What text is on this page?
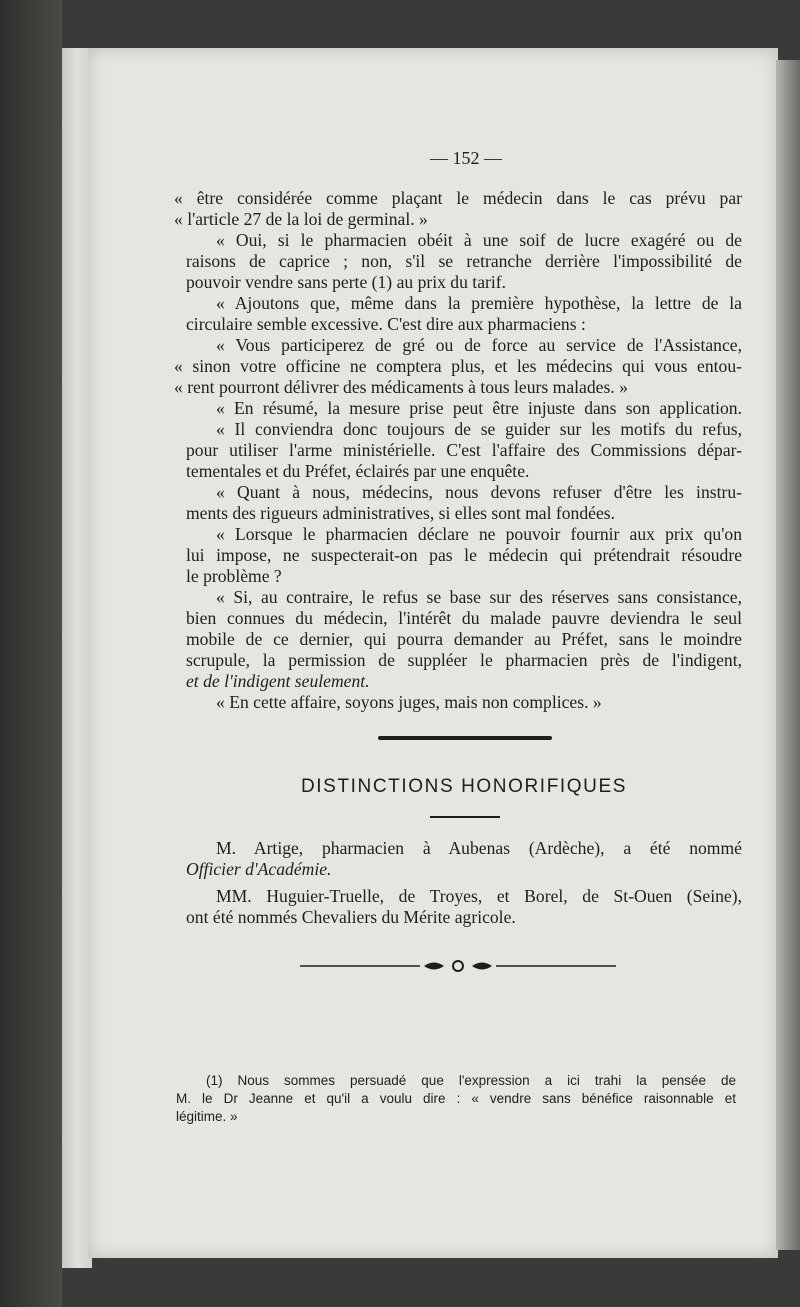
— 152 —
« être considérée comme plaçant le médecin dans le cas prévu par
« l'article 27 de la loi de germinal. »
« Oui, si le pharmacien obéit à une soif de lucre exagéré ou de
raisons de caprice ; non, s'il se retranche derrière l'impossibilité de
pouvoir vendre sans perte (1) au prix du tarif.
« Ajoutons que, même dans la première hypothèse, la lettre de la
circulaire semble excessive. C'est dire aux pharmaciens :
« Vous participerez de gré ou de force au service de l'Assistance,
« sinon votre officine ne comptera plus, et les médecins qui vous entou-
« rent pourront délivrer des médicaments à tous leurs malades. »
« En résumé, la mesure prise peut être injuste dans son application.
« Il conviendra donc toujours de se guider sur les motifs du refus,
pour utiliser l'arme ministérielle. C'est l'affaire des Commissions dépar-
tementales et du Préfet, éclairés par une enquête.
« Quant à nous, médecins, nous devons refuser d'être les instru-
ments des rigueurs administratives, si elles sont mal fondées.
« Lorsque le pharmacien déclare ne pouvoir fournir aux prix qu'on
lui impose, ne suspecterait-on pas le médecin qui prétendrait résoudre
le problème ?
« Si, au contraire, le refus se base sur des réserves sans consistance,
bien connues du médecin, l'intérêt du malade pauvre deviendra le seul
mobile de ce dernier, qui pourra demander au Préfet, sans le moindre
scrupule, la permission de suppléer le pharmacien près de l'indigent,
et de l'indigent seulement.
« En cette affaire, soyons juges, mais non complices. »
DISTINCTIONS HONORIFIQUES
M. Artige, pharmacien à Aubenas (Ardèche), a été nommé
Officier d'Académie.
MM. Huguier-Truelle, de Troyes, et Borel, de St-Ouen (Seine),
ont été nommés Chevaliers du Mérite agricole.
(1) Nous sommes persuadé que l'expression a ici trahi la pensée de
M. le Dr Jeanne et qu'il a voulu dire : « vendre sans bénéfice raisonnable et
légitime. »
